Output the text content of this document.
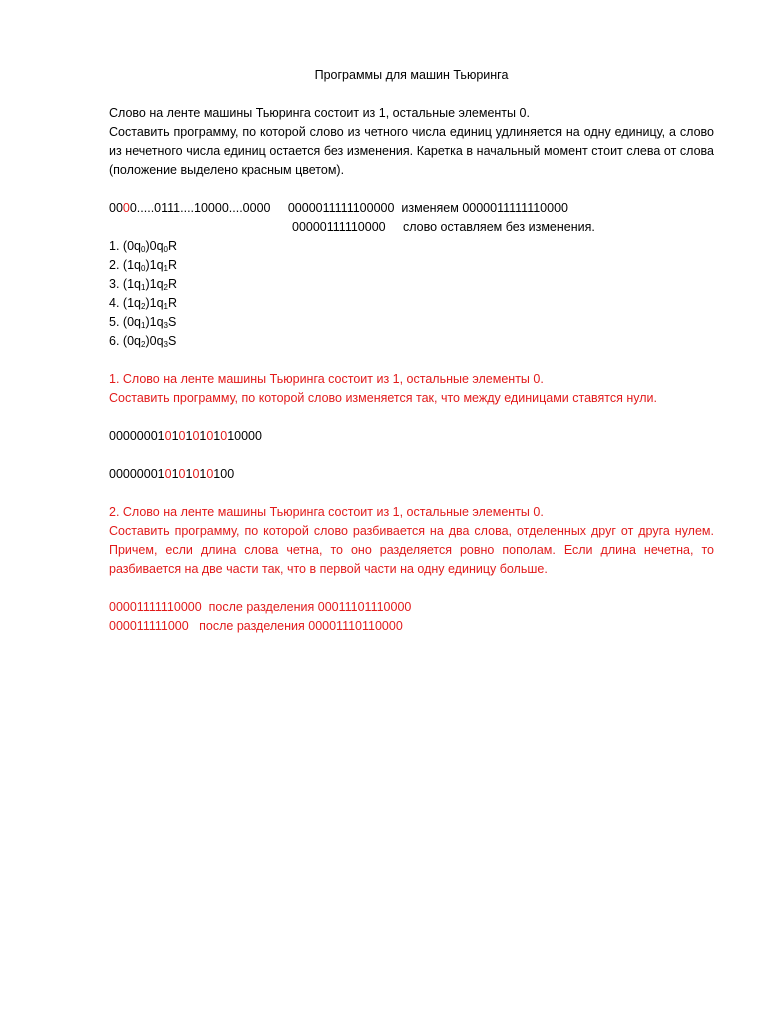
Программы для машин Тьюринга

Слово на ленте машины Тьюринга состоит из 1, остальные элементы 0.

Составить программу, по которой слово из четного числа единиц удлиняется на одну единицу, а слово из нечетного числа единиц остается без изменения. Каретка в начальный момент стоит слева от слова (положение выделено красным цветом).

0000.....0111....10000....0000     0000011111100000  изменяем 0000011111110000

00000111110000     слово оставляем без изменения.

1. $(0q_0)0q_0R$
2. $(1q_0)1q_1R$
3. $(1q_1)1q_2R$
4. $(1q_2)1q_1R$
5. $(0q_1)1q_3S$
6. $(0q_2)0q_3S$

1. Слово на ленте машины Тьюринга состоит из 1, остальные элементы 0.

Составить программу, по которой слово изменяется так, что между единицами ставятся нули.

0000000101010101010000

000000010101010100

2. Слово на ленте машины Тьюринга состоит из 1, остальные элементы 0.

Составить программу, по которой слово разбивается на два слова, отделенных друг от друга нулем. Причем, если длина слова четна, то оно разделяется ровно пополам. Если длина нечетна, то разбивается на две части так, что в первой части на одну единицу больше.

00001111110000  после разделения 00011101110000

000011111000   после разделения 00001110110000
